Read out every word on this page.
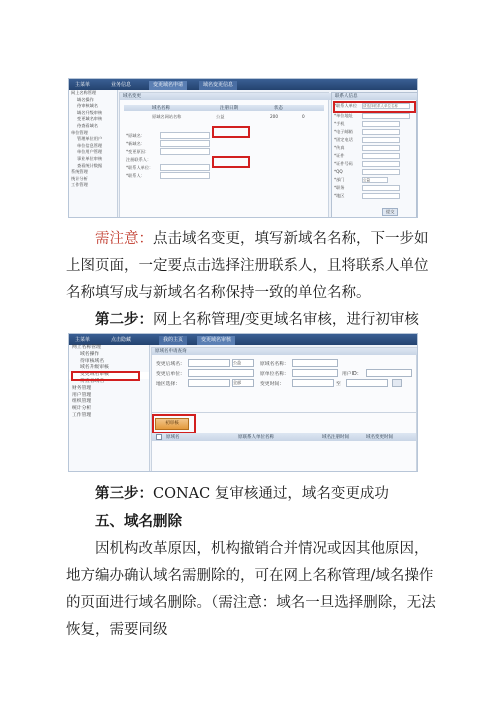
主菜单	业务信息	变更域名申请	域名变更信息
网上名称管理
域名操作
待审核域名
域名升级审核
变更域名审核
待查看域名
单位管理
管理单位用户
单位信息管理
单位用户管理
事业单位审核
查看统计数据
系统管理
统计分析
工作管理
域名变更
域名名称	注册日期	状态
原域名网站名称	公益	200	0
*原域名：
*新域名：
*变更原因：
注册联系人：
*联系人单位：
*联系人：
联系人信息
*联系人单位 请选择联系人单位名称
*单位地址
*手机
*电子邮箱
*固定电话
*传真
*证件
*证件号码
*QQ
*部门	公益
*职务
*地区
提交
需注意：点击域名变更，填写新域名名称，下一步如上图页面，一定要点击选择注册联系人，且将联系人单位名称填写成与新域名名称保持一致的单位名称。
第二步：网上名称管理/变更域名审核，进行初审核
主菜单	点击隐藏	我的主页	变更域名审核
网上名称管理
域名操作
待审核域名
域名升级审核
变更域名审核
待查看域名
财务管理
用户管理
组织管理
统计分析
工作管理
原域名申请查询
变更后域名：	公益	原域名名称：
变更后单位：	原单位名称：	用户ID：
地区选择：	全部	变更时间：	至
初审核
原域名	原联系人单位名称	域名注册时间	域名变更时间
第三步：CONAC 复审核通过，域名变更成功
五、域名删除
因机构改革原因，机构撤销合并情况或因其他原因，地方编办确认域名需删除的，可在网上名称管理/域名操作的页面进行域名删除。（需注意：域名一旦选择删除，无法恢复，需要同级
